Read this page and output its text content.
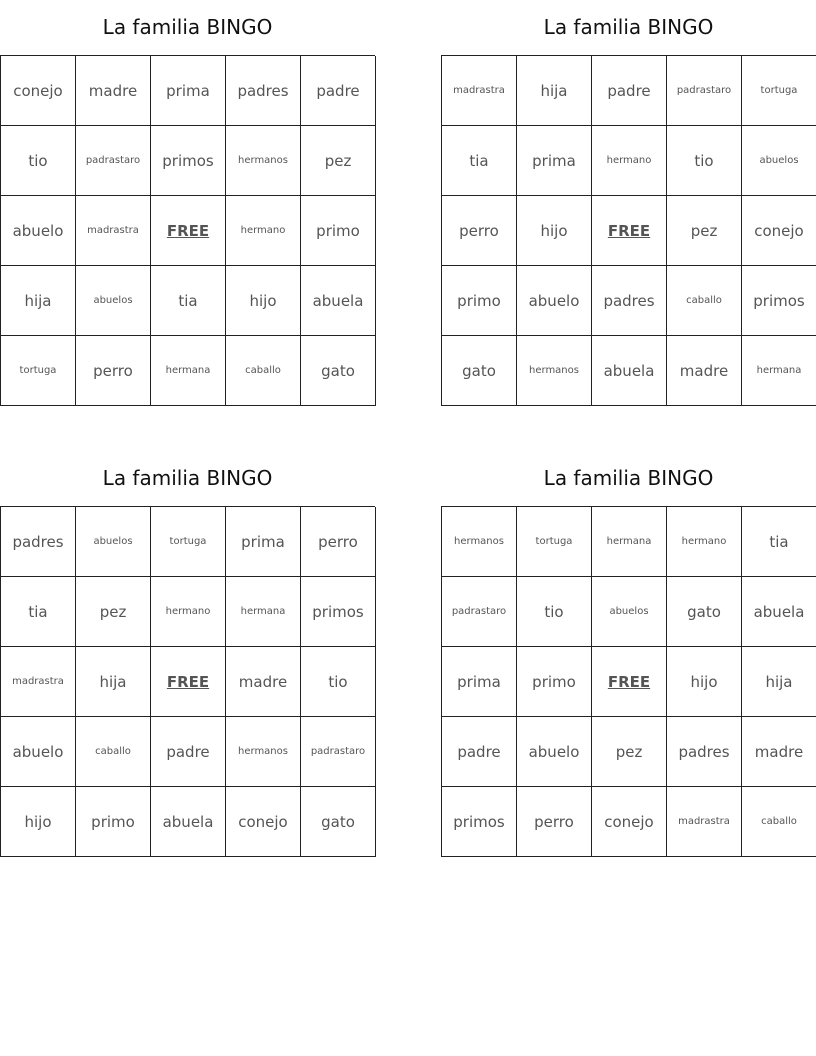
La familia BINGO
conejo	madre	prima	padres	padre
tio	padrastaro	primos	hermanos	pez
abuelo	madrastra	FREE	hermano	primo
hija	abuelos	tia	hijo	abuela
tortuga	perro	hermana	caballo	gato
La familia BINGO
madrastra	hija	padre	padrastaro	tortuga
tia	prima	hermano	tio	abuelos
perro	hijo	FREE	pez	conejo
primo	abuelo	padres	caballo	primos
gato	hermanos	abuela	madre	hermana
La familia BINGO
padres	abuelos	tortuga	prima	perro
tia	pez	hermano	hermana	primos
madrastra	hija	FREE	madre	tio
abuelo	caballo	padre	hermanos	padrastaro
hijo	primo	abuela	conejo	gato
La familia BINGO
hermanos	tortuga	hermana	hermano	tia
padrastaro	tio	abuelos	gato	abuela
prima	primo	FREE	hijo	hija
padre	abuelo	pez	padres	madre
primos	perro	conejo	madrastra	caballo
